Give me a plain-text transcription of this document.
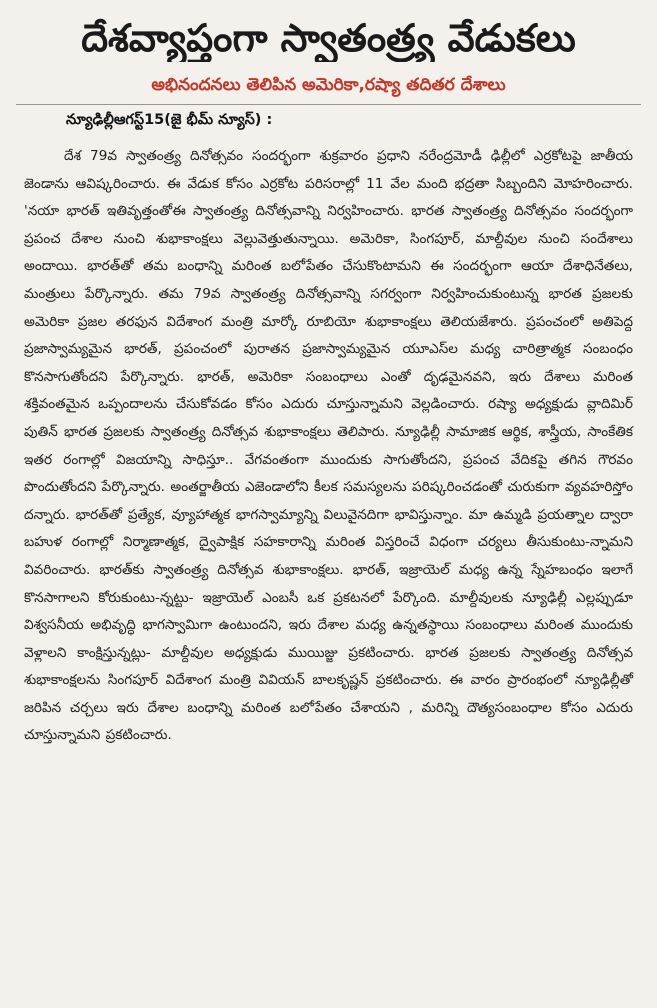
దేశవ్యాప్తంగా స్వాతంత్ర్య వేడుకలు
అభినందనలు తెలిపిన అమెరికా,రష్యా తదితర దేశాలు
న్యూఢిల్లీఆగస్ట్15(జై భీమ్ న్యూస్) :

దేశ 79వ స్వాతంత్ర్య దినోత్సవం సందర్భంగా శుక్రవారం ప్రధాని నరేంద్రమోడీ ఢిల్లీలో ఎర్రకోటపై జాతీయ జెండాను ఆవిష్కరించారు. ఈ వేడుక కోసం ఎర్రకోట పరిసరాల్లో 11 వేల మంది భద్రతా సిబ్బందిని మోహరించారు. 'నయా భారత్ ఇతివృత్తంతోఈ స్వాతంత్ర్య దినోత్సవాన్ని నిర్వహించారు. భారత స్వాతంత్ర్య దినోత్సవం సందర్భంగా ప్రపంచ దేశాల నుంచి శుభాకాంక్షలు వెల్లువెత్తుతున్నాయి. అమెరికా, సింగపూర్, మాల్దీవుల నుంచి సందేశాలు అందాయి. భారత్‌తో తమ బంధాన్ని మరింత బలోపేతం చేసుకొంటామని ఈ సందర్భంగా ఆయా దేశాధినేతలు, మంత్రులు పేర్కొన్నారు. తమ 79వ స్వాతంత్ర్య దినోత్సవాన్ని సగర్వంగా నిర్వహించుకుంటున్న భారత ప్రజలకు అమెరికా ప్రజల తరఫున విదేశాంగ మంత్రి మార్కో రూబియో శుభాకాంక్షలు తెలియజేశారు. ప్రపంచంలో అతిపెద్ద ప్రజాస్వామ్యమైన భారత్, ప్రపంచంలో పురాతన ప్రజాస్వామ్యమైన యూఎస్‌ల మధ్య చారిత్రాత్మక సంబంధం కొనసాగుతోందని పేర్కొన్నారు. భారత్, అమెరికా సంబంధాలు ఎంతో దృఢమైనవని, ఇరు దేశాలు మరింత శక్తివంతమైన ఒప్పందాలను చేసుకోవడం కోసం ఎదురు చూస్తున్నామని వెల్లడించారు. రష్యా అధ్యక్షుడు వ్లాదిమిర్ పుతిన్ భారత ప్రజలకు స్వాతంత్ర్య దినోత్సవ శుభాకాంక్షలు తెలిపారు. న్యూఢిల్లీ సామాజిక ఆర్థిక, శాస్త్రీయ, సాంకేతిక ఇతర రంగాల్లో విజయాన్ని సాధిస్తూ.. వేగవంతంగా ముందుకు సాగుతోందని, ప్రపంచ వేదికపై తగిన గౌరవం పొందుతోందని పేర్కొన్నారు. అంతర్జాతీయ ఎజెండాలోని కీలక సమస్యలను పరిష్కరించడంతో చురుకుగా వ్యవహరిస్తోం దన్నారు. భారత్‌తో ప్రత్యేక, వ్యూహాత్మక భాగస్వామ్యాన్ని విలువైనదిగా భావిస్తున్నాం. మా ఉమ్మడి ప్రయత్నాల ద్వారా బహుళ రంగాల్లో నిర్మాణాత్మక, ద్వైపాక్షిక సహకారాన్ని మరింత విస్తరించే విధంగా చర్యలు తీసుకుంటు-న్నామని వివరించారు. భారత్‌కు స్వాతంత్ర్య దినోత్సవ శుభాకాంక్షలు. భారత్, ఇజ్రాయెల్ మధ్య ఉన్న స్నేహబంధం ఇలాగే కొనసాగాలని కోరుకుంటు-న్నట్టు- ఇజ్రాయెల్ ఎంబసీ ఒక ప్రకటనలో పేర్కొంది. మాల్దీవులకు న్యూఢిల్లీ ఎల్లప్పుడూ విశ్వసనీయ అభివృద్ధి భాగస్వామిగా ఉంటుందని, ఇరు దేశాల మధ్య ఉన్నతస్థాయి సంబంధాలు మరింత ముందుకు వెళ్లాలని కాంక్షిస్తున్నట్లు- మాల్దీవుల అధ్యక్షుడు ముయిజ్జు ప్రకటించారు. భారత ప్రజలకు స్వాతంత్ర్య దినోత్సవ శుభాకాంక్షలను సింగపూర్ విదేశాంగ మంత్రి వివియన్ బాలకృష్ణన్ ప్రకటించారు. ఈ వారం ప్రారంభంలో న్యూఢిల్లీతో జరిపిన చర్చలు ఇరు దేశాల బంధాన్ని మరింత బలోపేతం చేశాయని , మరిన్ని దౌత్యసంబంధాల కోసం ఎదురు చూస్తున్నామని ప్రకటించారు.
